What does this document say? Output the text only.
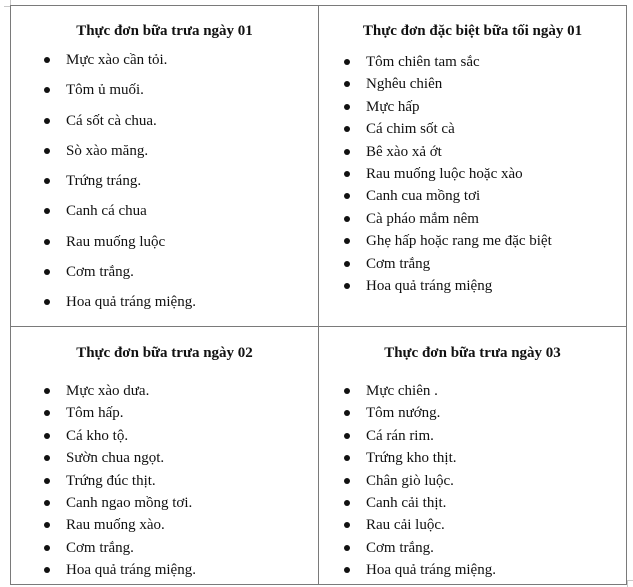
Thực đơn bữa trưa ngày 01

Mực xào cần tỏi.
Tôm ủ muối.
Cá sốt cà chua.
Sò xào măng.
Trứng tráng.
Canh cá chua
Rau muống luộc
Cơm trắng.
Hoa quả tráng miệng.

Thực đơn đặc biệt bữa tối ngày 01

Tôm chiên tam sắc
Nghêu chiên
Mực hấp
Cá chim sốt cà
Bê xào xả ớt
Rau muống luộc hoặc xào
Canh cua mồng tơi
Cà pháo mắm nêm
Ghẹ hấp hoặc rang me đặc biệt
Cơm trắng
Hoa quả tráng miệng

Thực đơn bữa trưa ngày 02

Mực xào dưa.
Tôm hấp.
Cá kho tộ.
Sườn chua ngọt.
Trứng đúc thịt.
Canh ngao mồng tơi.
Rau muống xào.
Cơm trắng.
Hoa quả tráng miệng.

Thực đơn bữa trưa ngày 03

Mực chiên .
Tôm nướng.
Cá rán rim.
Trứng kho thịt.
Chân giò luộc.
Canh cải thịt.
Rau cải luộc.
Cơm trắng.
Hoa quả tráng miệng.
